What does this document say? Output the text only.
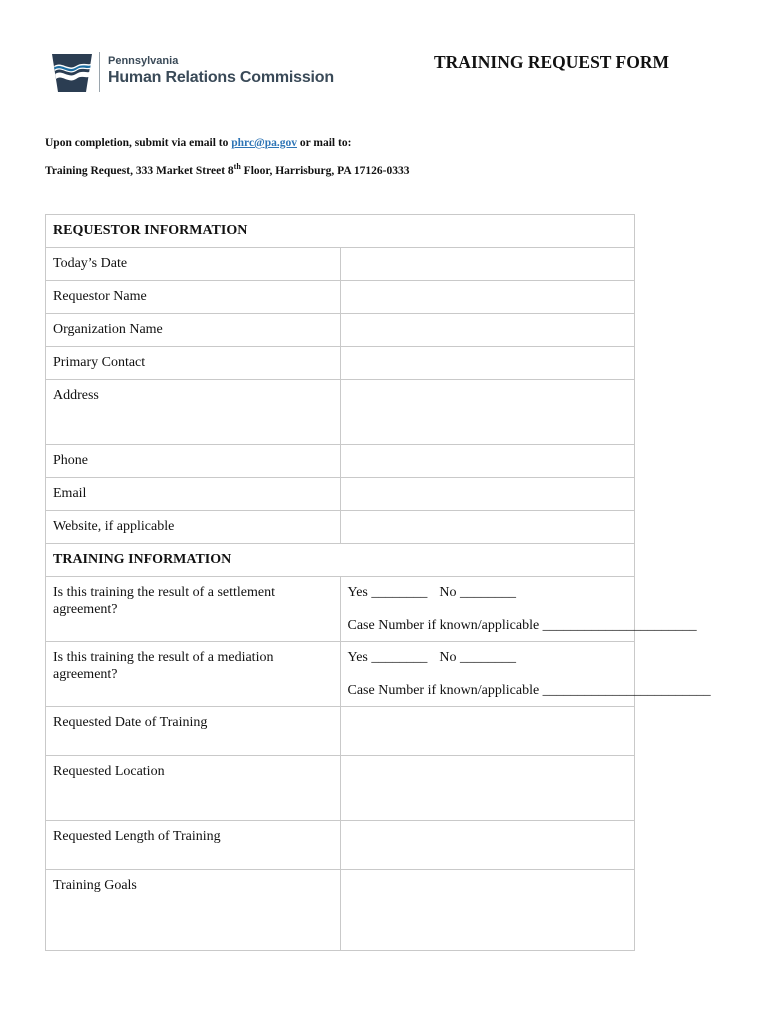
Pennsylvania
Human Relations Commission
TRAINING REQUEST FORM
Upon completion, submit via email to phrc@pa.gov or mail to:
Training Request, 333 Market Street 8th Floor, Harrisburg, PA 17126-0333
REQUESTOR INFORMATION	
Today’s Date	
Requestor Name	
Organization Name	
Primary Contact	
Address	
Phone	
Email	
Website, if applicable	
TRAINING INFORMATION	
Is this training the result of a settlement agreement?	Yes ________ No ________
Case Number if known/applicable ______________________

Is this training the result of a mediation agreement?	Yes ________ No ________
Case Number if known/applicable ________________________

Requested Date of Training	
Requested Location	
Requested Length of Training	
Training Goals	
